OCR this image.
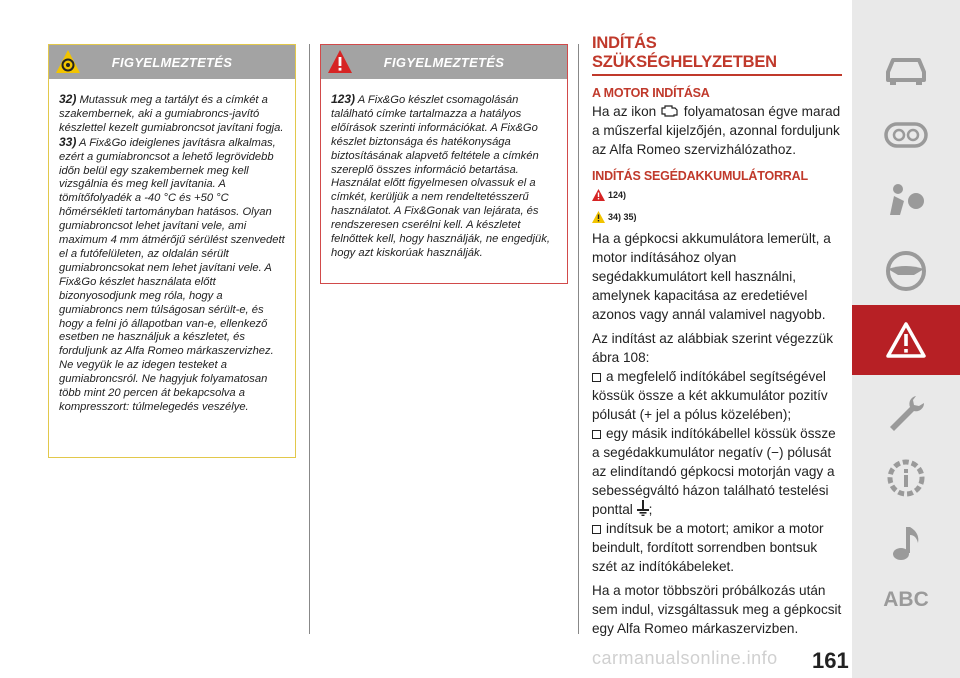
FIGYELMEZTETÉS

32) Mutassuk meg a tartályt és a címkét a szakembernek, aki a gumiabroncs-javító készlettel kezelt gumiabroncsot javítani fogja.

33) A Fix&Go ideiglenes javításra alkalmas, ezért a gumiabroncsot a lehető legrövidebb időn belül egy szakembernek meg kell vizsgálnia és meg kell javítania. A tömítőfolyadék a -40 °C és +50 °C hőmérsékleti tartományban hatásos. Olyan gumiabroncsot lehet javítani vele, ami maximum 4 mm átmérőjű sérülést szenvedett el a futófelületen, az oldalán sérült gumiabroncsokat nem lehet javítani vele. A Fix&Go készlet használata előtt bizonyosodjunk meg róla, hogy a gumiabroncs nem túlságosan sérült-e, és hogy a felni jó állapotban van-e, ellenkező esetben ne használjuk a készletet, és forduljunk az Alfa Romeo márkaszervizhez. Ne vegyük le az idegen testeket a gumiabroncsról. Ne hagyjuk folyamatosan több mint 20 percen át bekapcsolva a kompresszort: túlmelegedés veszélye.

FIGYELMEZTETÉS

123) A Fix&Go készlet csomagolásán található címke tartalmazza a hatályos előírások szerinti információkat. A Fix&Go készlet biztonsága és hatékonysága biztosításának alapvető feltétele a címkén szereplő összes információ betartása. Használat előtt figyelmesen olvassuk el a címkét, kerüljük a nem rendeltetésszerű használatot. A Fix&Gonak van lejárata, és rendszeresen cserélni kell. A készletet felnőttek kell, hogy használják, ne engedjük, hogy azt kiskorúak használják.

INDÍTÁS SZÜKSÉGHELYZETBEN
A MOTOR INDÍTÁSA

Ha az ikon folyamatosan égve marad a műszerfal kijelzőjén, azonnal forduljunk az Alfa Romeo szervizhálózathoz.

INDÍTÁS SEGÉDAKKUMULÁTORRAL
124)
34) 35)

Ha a gépkocsi akkumulátora lemerült, a motor indításához olyan segédakkumulátort kell használni, amelynek kapacitása az eredetiével azonos vagy annál valamivel nagyobb.

Az indítást az alábbiak szerint végezzük ábra 108:

a megfelelő indítókábel segítségével kössük össze a két akkumulátor pozitív pólusát (+ jel a pólus közelében);

egy másik indítókábellel kössük össze a segédakkumulátor negatív (−) pólusát az elindítandó gépkocsi motorján vagy a sebességváltó házon található testelési ponttal ;

indítsuk be a motort; amikor a motor beindult, fordított sorrendben bontsuk szét az indítókábeleket.

Ha a motor többszöri próbálkozás után sem indul, vizsgáltassuk meg a gépkocsit egy Alfa Romeo márkaszervizben.

ABC
carmanualsonline.info 161
